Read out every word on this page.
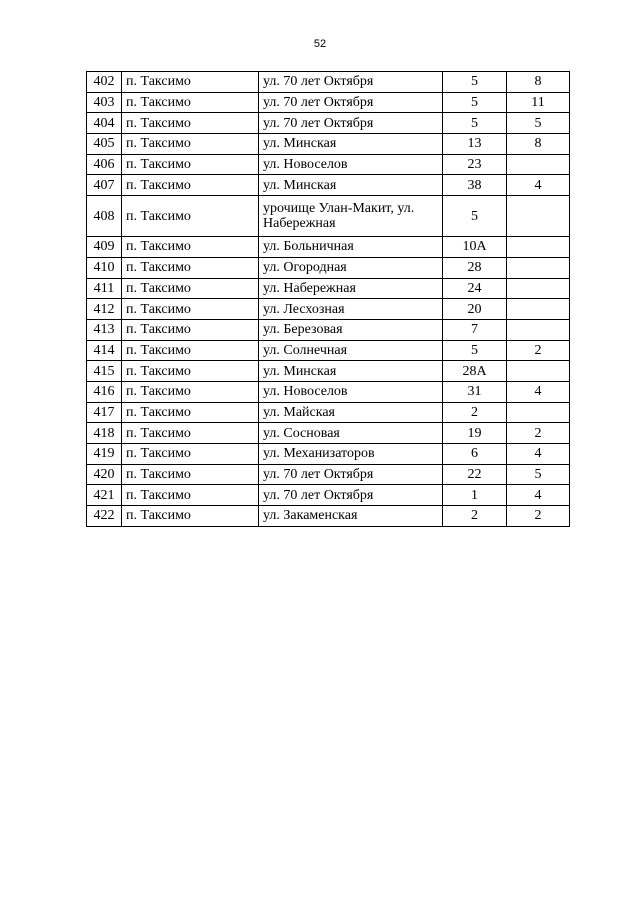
52
402	п. Таксимо	ул. 70 лет Октября	5	8
403	п. Таксимо	ул. 70 лет Октября	5	11
404	п. Таксимо	ул. 70 лет Октября	5	5
405	п. Таксимо	ул. Минская	13	8
406	п. Таксимо	ул. Новоселов	23	
407	п. Таксимо	ул. Минская	38	4
408	п. Таксимо	урочище Улан-Макит, ул. Набережная	5	
409	п. Таксимо	ул. Больничная	10А	
410	п. Таксимо	ул. Огородная	28	
411	п. Таксимо	ул. Набережная	24	
412	п. Таксимо	ул. Лесхозная	20	
413	п. Таксимо	ул. Березовая	7	
414	п. Таксимо	ул. Солнечная	5	2
415	п. Таксимо	ул. Минская	28А	
416	п. Таксимо	ул. Новоселов	31	4
417	п. Таксимо	ул. Майская	2	
418	п. Таксимо	ул. Сосновая	19	2
419	п. Таксимо	ул. Механизаторов	6	4
420	п. Таксимо	ул. 70 лет Октября	22	5
421	п. Таксимо	ул. 70 лет Октября	1	4
422	п. Таксимо	ул. Закаменская	2	2
